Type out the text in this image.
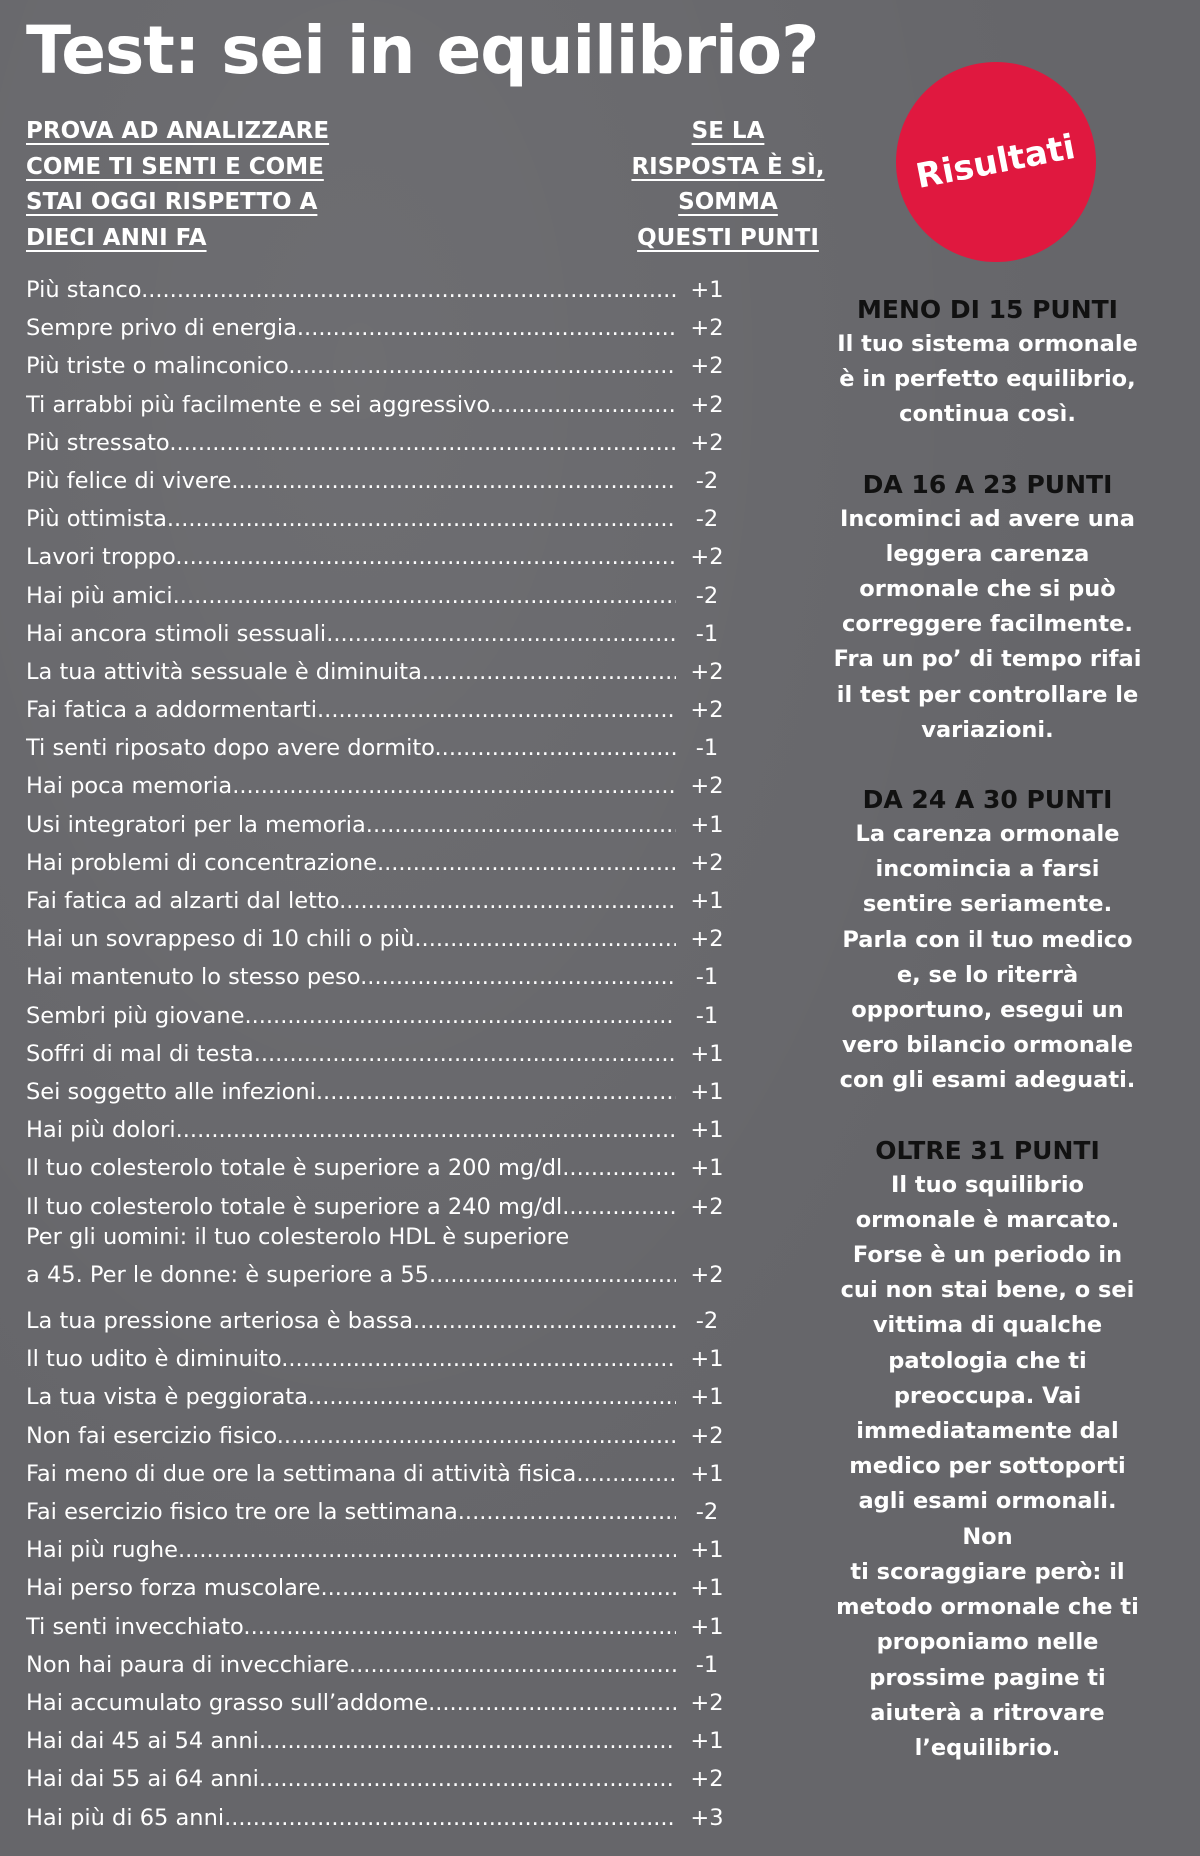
Test: sei in equilibrio?
PROVA AD ANALIZZARE
COME TI SENTI E COME
STAI OGGI RISPETTO A
DIECI ANNI FA
SE LA
RISPOSTA È SÌ,
SOMMA
QUESTI PUNTI
Risultati
Più stanco .....	+1
Sempre privo di energia .....	+2
Più triste o malinconico .....	+2
Ti arrabbi più facilmente e sei aggressivo .....	+2
Più stressato .....	+2
Più felice di vivere .....	-2
Più ottimista .....	-2
Lavori troppo .....	+2
Hai più amici .....	-2
Hai ancora stimoli sessuali .....	-1
La tua attività sessuale è diminuita .....	+2
Fai fatica a addormentarti .....	+2
Ti senti riposato dopo avere dormito .....	-1
Hai poca memoria .....	+2
Usi integratori per la memoria .....	+1
Hai problemi di concentrazione .....	+2
Fai fatica ad alzarti dal letto .....	+1
Hai un sovrappeso di 10 chili o più .....	+2
Hai mantenuto lo stesso peso .....	-1
Sembri più giovane .....	-1
Soffri di mal di testa .....	+1
Sei soggetto alle infezioni .....	+1
Hai più dolori .....	+1
Il tuo colesterolo totale è superiore a 200 mg/dl .....	+1
Il tuo colesterolo totale è superiore a 240 mg/dl .....	+2
Per gli uomini: il tuo colesterolo HDL è superiore
a 45. Per le donne: è superiore a 55 .....	+2
La tua pressione arteriosa è bassa .....	-2
Il tuo udito è diminuito .....	+1
La tua vista è peggiorata .....	+1
Non fai esercizio fisico .....	+2
Fai meno di due ore la settimana di attività fisica .....	+1
Fai esercizio fisico tre ore la settimana .....	-2
Hai più rughe .....	+1
Hai perso forza muscolare .....	+1
Ti senti invecchiato .....	+1
Non hai paura di invecchiare .....	-1
Hai accumulato grasso sull’addome .....	+2
Hai dai 45 ai 54 anni .....	+1
Hai dai 55 ai 64 anni .....	+2
Hai più di 65 anni .....	+3
MENO DI 15 PUNTI

Il tuo sistema ormonale
è in perfetto equilibrio,
continua così.

DA 16 A 23 PUNTI

Incominci ad avere una
leggera carenza
ormonale che si può
correggere facilmente.
Fra un po’ di tempo rifai
il test per controllare le
variazioni.

DA 24 A 30 PUNTI

La carenza ormonale
incomincia a farsi
sentire seriamente.
Parla con il tuo medico
e, se lo riterrà
opportuno, esegui un
vero bilancio ormonale
con gli esami adeguati.

OLTRE 31 PUNTI

Il tuo squilibrio
ormonale è marcato.
Forse è un periodo in
cui non stai bene, o sei
vittima di qualche
patologia che ti
preoccupa. Vai
immediatamente dal
medico per sottoporti
agli esami ormonali. Non
ti scoraggiare però: il
metodo ormonale che ti
proponiamo nelle
prossime pagine ti
aiuterà a ritrovare
l’equilibrio.
